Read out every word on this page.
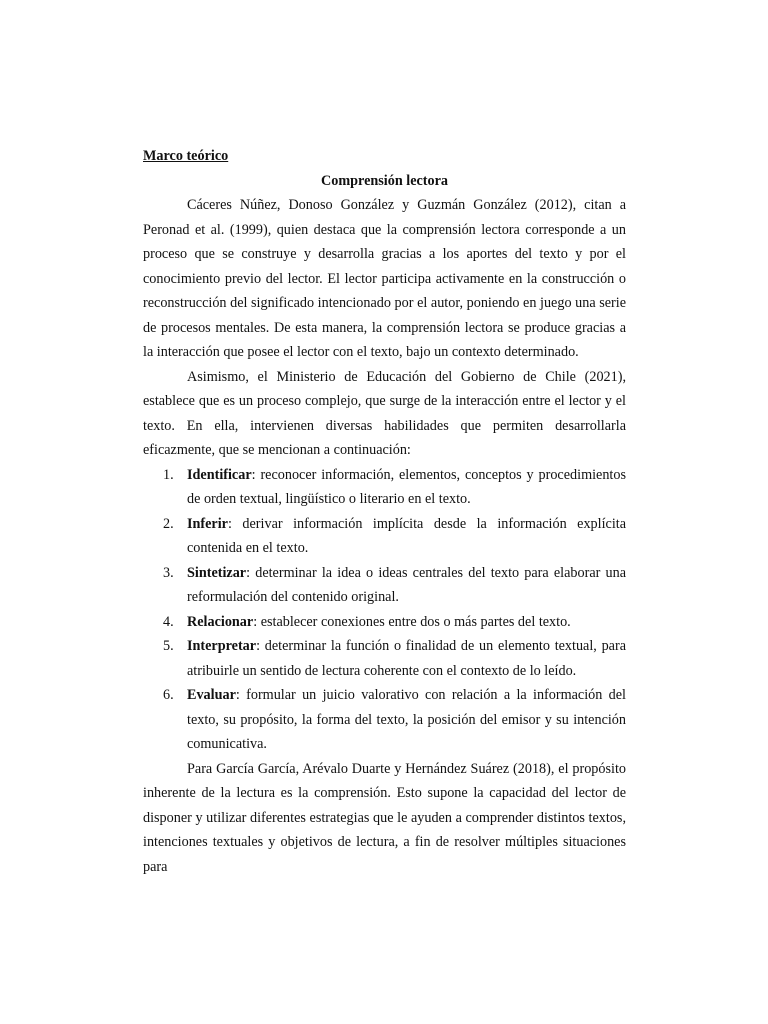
Marco teórico

Comprensión lectora

Cáceres Núñez, Donoso González y Guzmán González (2012), citan a Peronad et al. (1999), quien destaca que la comprensión lectora corresponde a un proceso que se construye y desarrolla gracias a los aportes del texto y por el conocimiento previo del lector. El lector participa activamente en la construcción o reconstrucción del significado intencionado por el autor, poniendo en juego una serie de procesos mentales. De esta manera, la comprensión lectora se produce gracias a la interacción que posee el lector con el texto, bajo un contexto determinado.

Asimismo, el Ministerio de Educación del Gobierno de Chile (2021), establece que es un proceso complejo, que surge de la interacción entre el lector y el texto. En ella, intervienen diversas habilidades que permiten desarrollarla eficazmente, que se mencionan a continuación:

1. Identificar: reconocer información, elementos, conceptos y procedimientos de orden textual, lingüístico o literario en el texto.
2. Inferir: derivar información implícita desde la información explícita contenida en el texto.
3. Sintetizar: determinar la idea o ideas centrales del texto para elaborar una reformulación del contenido original.
4. Relacionar: establecer conexiones entre dos o más partes del texto.
5. Interpretar: determinar la función o finalidad de un elemento textual, para atribuirle un sentido de lectura coherente con el contexto de lo leído.
6. Evaluar: formular un juicio valorativo con relación a la información del texto, su propósito, la forma del texto, la posición del emisor y su intención comunicativa.

Para García García, Arévalo Duarte y Hernández Suárez (2018), el propósito inherente de la lectura es la comprensión. Esto supone la capacidad del lector de disponer y utilizar diferentes estrategias que le ayuden a comprender distintos textos, intenciones textuales y objetivos de lectura, a fin de resolver múltiples situaciones para
